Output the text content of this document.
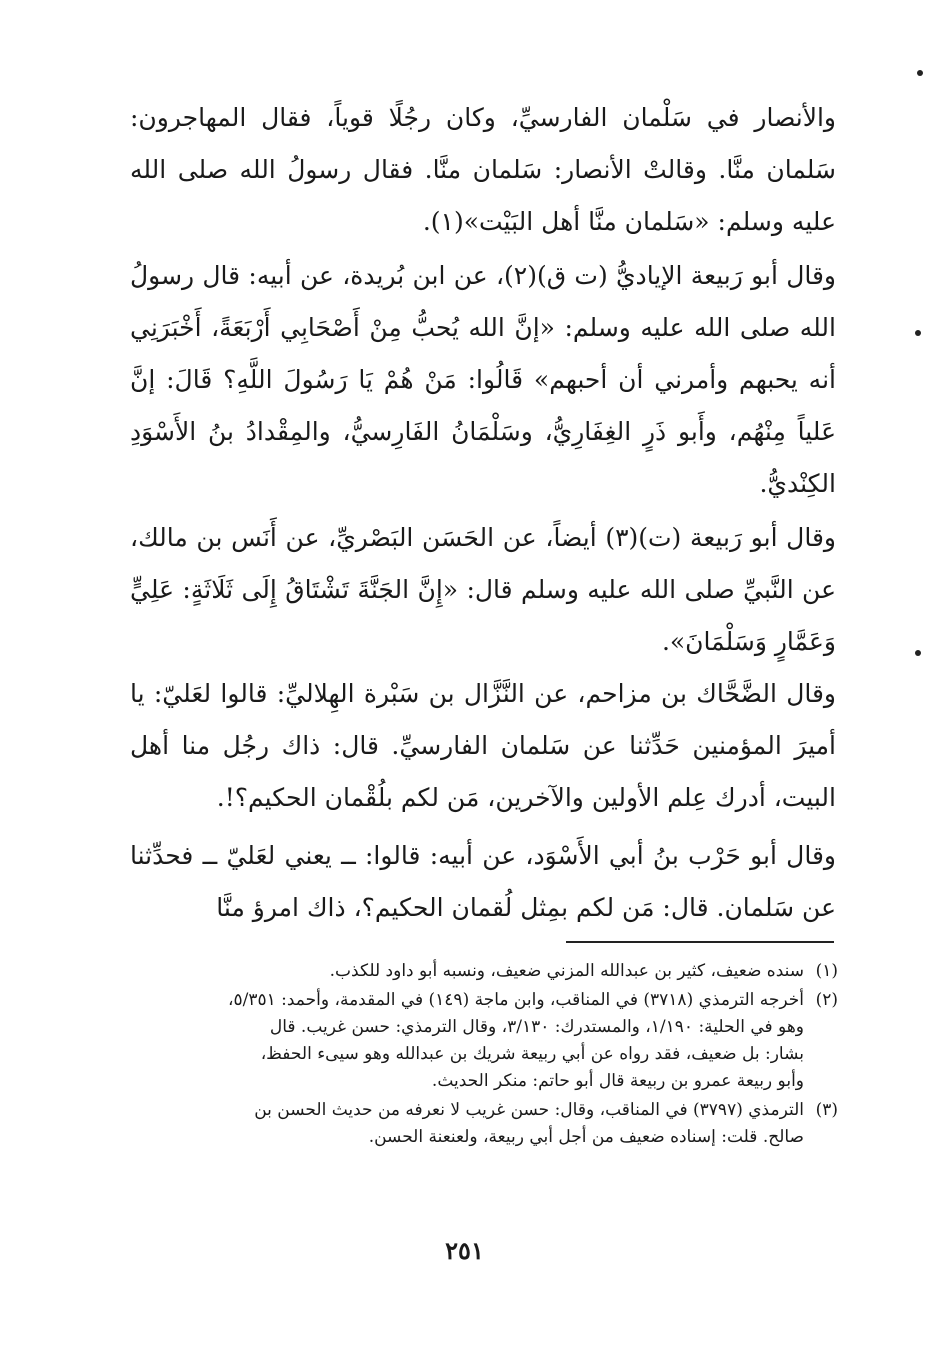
والأنصار في سَلْمان الفارسيِّ، وكان رجُلًا قوياً، فقال المهاجرون: سَلمان منَّا. وقالتْ الأنصار: سَلمان منَّا. فقال رسولُ الله صلى الله عليه وسلم: «سَلمان منَّا أهل البَيْت»(١).

وقال أبو رَبيعة الإياديُّ (ت ق)(٢)، عن ابن بُريدة، عن أبيه: قال رسولُ الله صلى الله عليه وسلم: «إنَّ الله يُحبُّ مِنْ أَصْحَابِي أَرْبَعَةً، أَخْبَرَنِي أنه يحبهم وأمرني أن أحبهم» قَالُوا: مَنْ هُمْ يَا رَسُولَ اللَّهِ؟ قَالَ: إنَّ عَلياً مِنْهُم، وأَبو ذَرٍ الغِفَارِيُّ، وسَلْمَانُ الفَارِسيُّ، والمِقْدادُ بنُ الأَسْوَدِ الكِنْديُّ.

وقال أبو رَبيعة (ت)(٣) أيضاً، عن الحَسَن البَصْريِّ، عن أَنَس بن مالك، عن النَّبيِّ صلى الله عليه وسلم قال: «إِنَّ الجَنَّةَ تَشْتَاقُ إِلَى ثَلَاثَةٍ: عَلِيٍّ وَعَمَّارٍ وَسَلْمَانَ».

وقال الضَّحَّاك بن مزاحم، عن النَّزَّال بن سَبْرة الهِلاليِّ: قالوا لعَليّ: يا أميرَ المؤمنين حَدِّثنا عن سَلمان الفارسيِّ. قال: ذاك رجُل منا أهل البيت، أدرك عِلم الأولين والآخرين، مَن لكم بلُقْمان الحكيم؟!.

وقال أبو حَرْب بنُ أبي الأَسْوَد، عن أبيه: قالوا: ــ يعني لعَليّ ــ فحدِّثنا عن سَلمان. قال: مَن لكم بمِثل لُقمان الحكيم؟، ذاك امرؤ منَّا

(١)
سنده ضعيف، كثير بن عبدالله المزني ضعيف، ونسبه أبو داود للكذب.
(٢)
أخرجه الترمذي (٣٧١٨) في المناقب، وابن ماجة (١٤٩) في المقدمة، وأحمد: ٥/٣٥١،
وهو في الحلية: ١/١٩٠، والمستدرك: ٣/١٣٠، وقال الترمذي: حسن غريب. قال
بشار: بل ضعيف، فقد رواه عن أبي ربيعة شريك بن عبدالله وهو سيىء الحفظ،
وأبو ربيعة عمرو بن ربيعة قال أبو حاتم: منكر الحديث.
(٣)
الترمذي (٣٧٩٧) في المناقب، وقال: حسن غريب لا نعرفه من حديث الحسن بن
صالح. قلت: إسناده ضعيف من أجل أبي ربيعة، ولعنعنة الحسن.
٢٥١
